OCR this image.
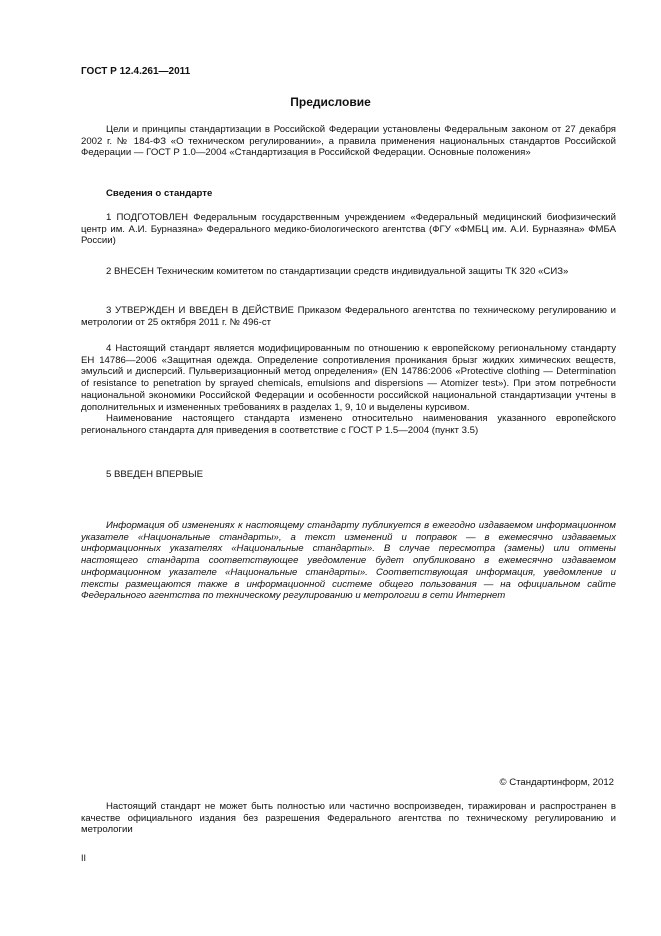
ГОСТ Р 12.4.261—2011
Предисловие

Цели и принципы стандартизации в Российской Федерации установлены Федеральным законом от 27 декабря 2002 г. № 184-ФЗ «О техническом регулировании», а правила применения национальных стандартов Российской Федерации — ГОСТ Р 1.0—2004 «Стандартизация в Российской Федерации. Основные положения»

Сведения о стандарте

1 ПОДГОТОВЛЕН Федеральным государственным учреждением «Федеральный медицинский биофизический центр им. А.И. Бурназяна» Федерального медико-биологического агентства (ФГУ «ФМБЦ им. А.И. Бурназяна» ФМБА России)

2 ВНЕСЕН Техническим комитетом по стандартизации средств индивидуальной защиты ТК 320 «СИЗ»

3 УТВЕРЖДЕН И ВВЕДЕН В ДЕЙСТВИЕ Приказом Федерального агентства по техническому регулированию и метрологии от 25 октября 2011 г. № 496-ст

4 Настоящий стандарт является модифицированным по отношению к европейскому региональному стандарту ЕН 14786—2006 «Защитная одежда. Определение сопротивления проникания брызг жидких химических веществ, эмульсий и дисперсий. Пульверизационный метод определения» (EN 14786:2006 «Protective clothing — Determination of resistance to penetration by sprayed chemicals, emulsions and dispersions — Atomizer test»). При этом потребности национальной экономики Российской Федерации и особенности российской национальной стандартизации учтены в дополнительных и измененных требованиях в разделах 1, 9, 10 и выделены курсивом.

Наименование настоящего стандарта изменено относительно наименования указанного европейского регионального стандарта для приведения в соответствие с ГОСТ Р 1.5—2004 (пункт 3.5)

5 ВВЕДЕН ВПЕРВЫЕ

Информация об изменениях к настоящему стандарту публикуется в ежегодно издаваемом информационном указателе «Национальные стандарты», а текст изменений и поправок — в ежемесячно издаваемых информационных указателях «Национальные стандарты». В случае пересмотра (замены) или отмены настоящего стандарта соответствующее уведомление будет опубликовано в ежемесячно издаваемом информационном указателе «Национальные стандарты». Соответствующая информация, уведомление и тексты размещаются также в информационной системе общего пользования — на официальном сайте Федерального агентства по техническому регулированию и метрологии в сети Интернет

© Стандартинформ, 2012

Настоящий стандарт не может быть полностью или частично воспроизведен, тиражирован и распространен в качестве официального издания без разрешения Федерального агентства по техническому регулированию и метрологии

II
